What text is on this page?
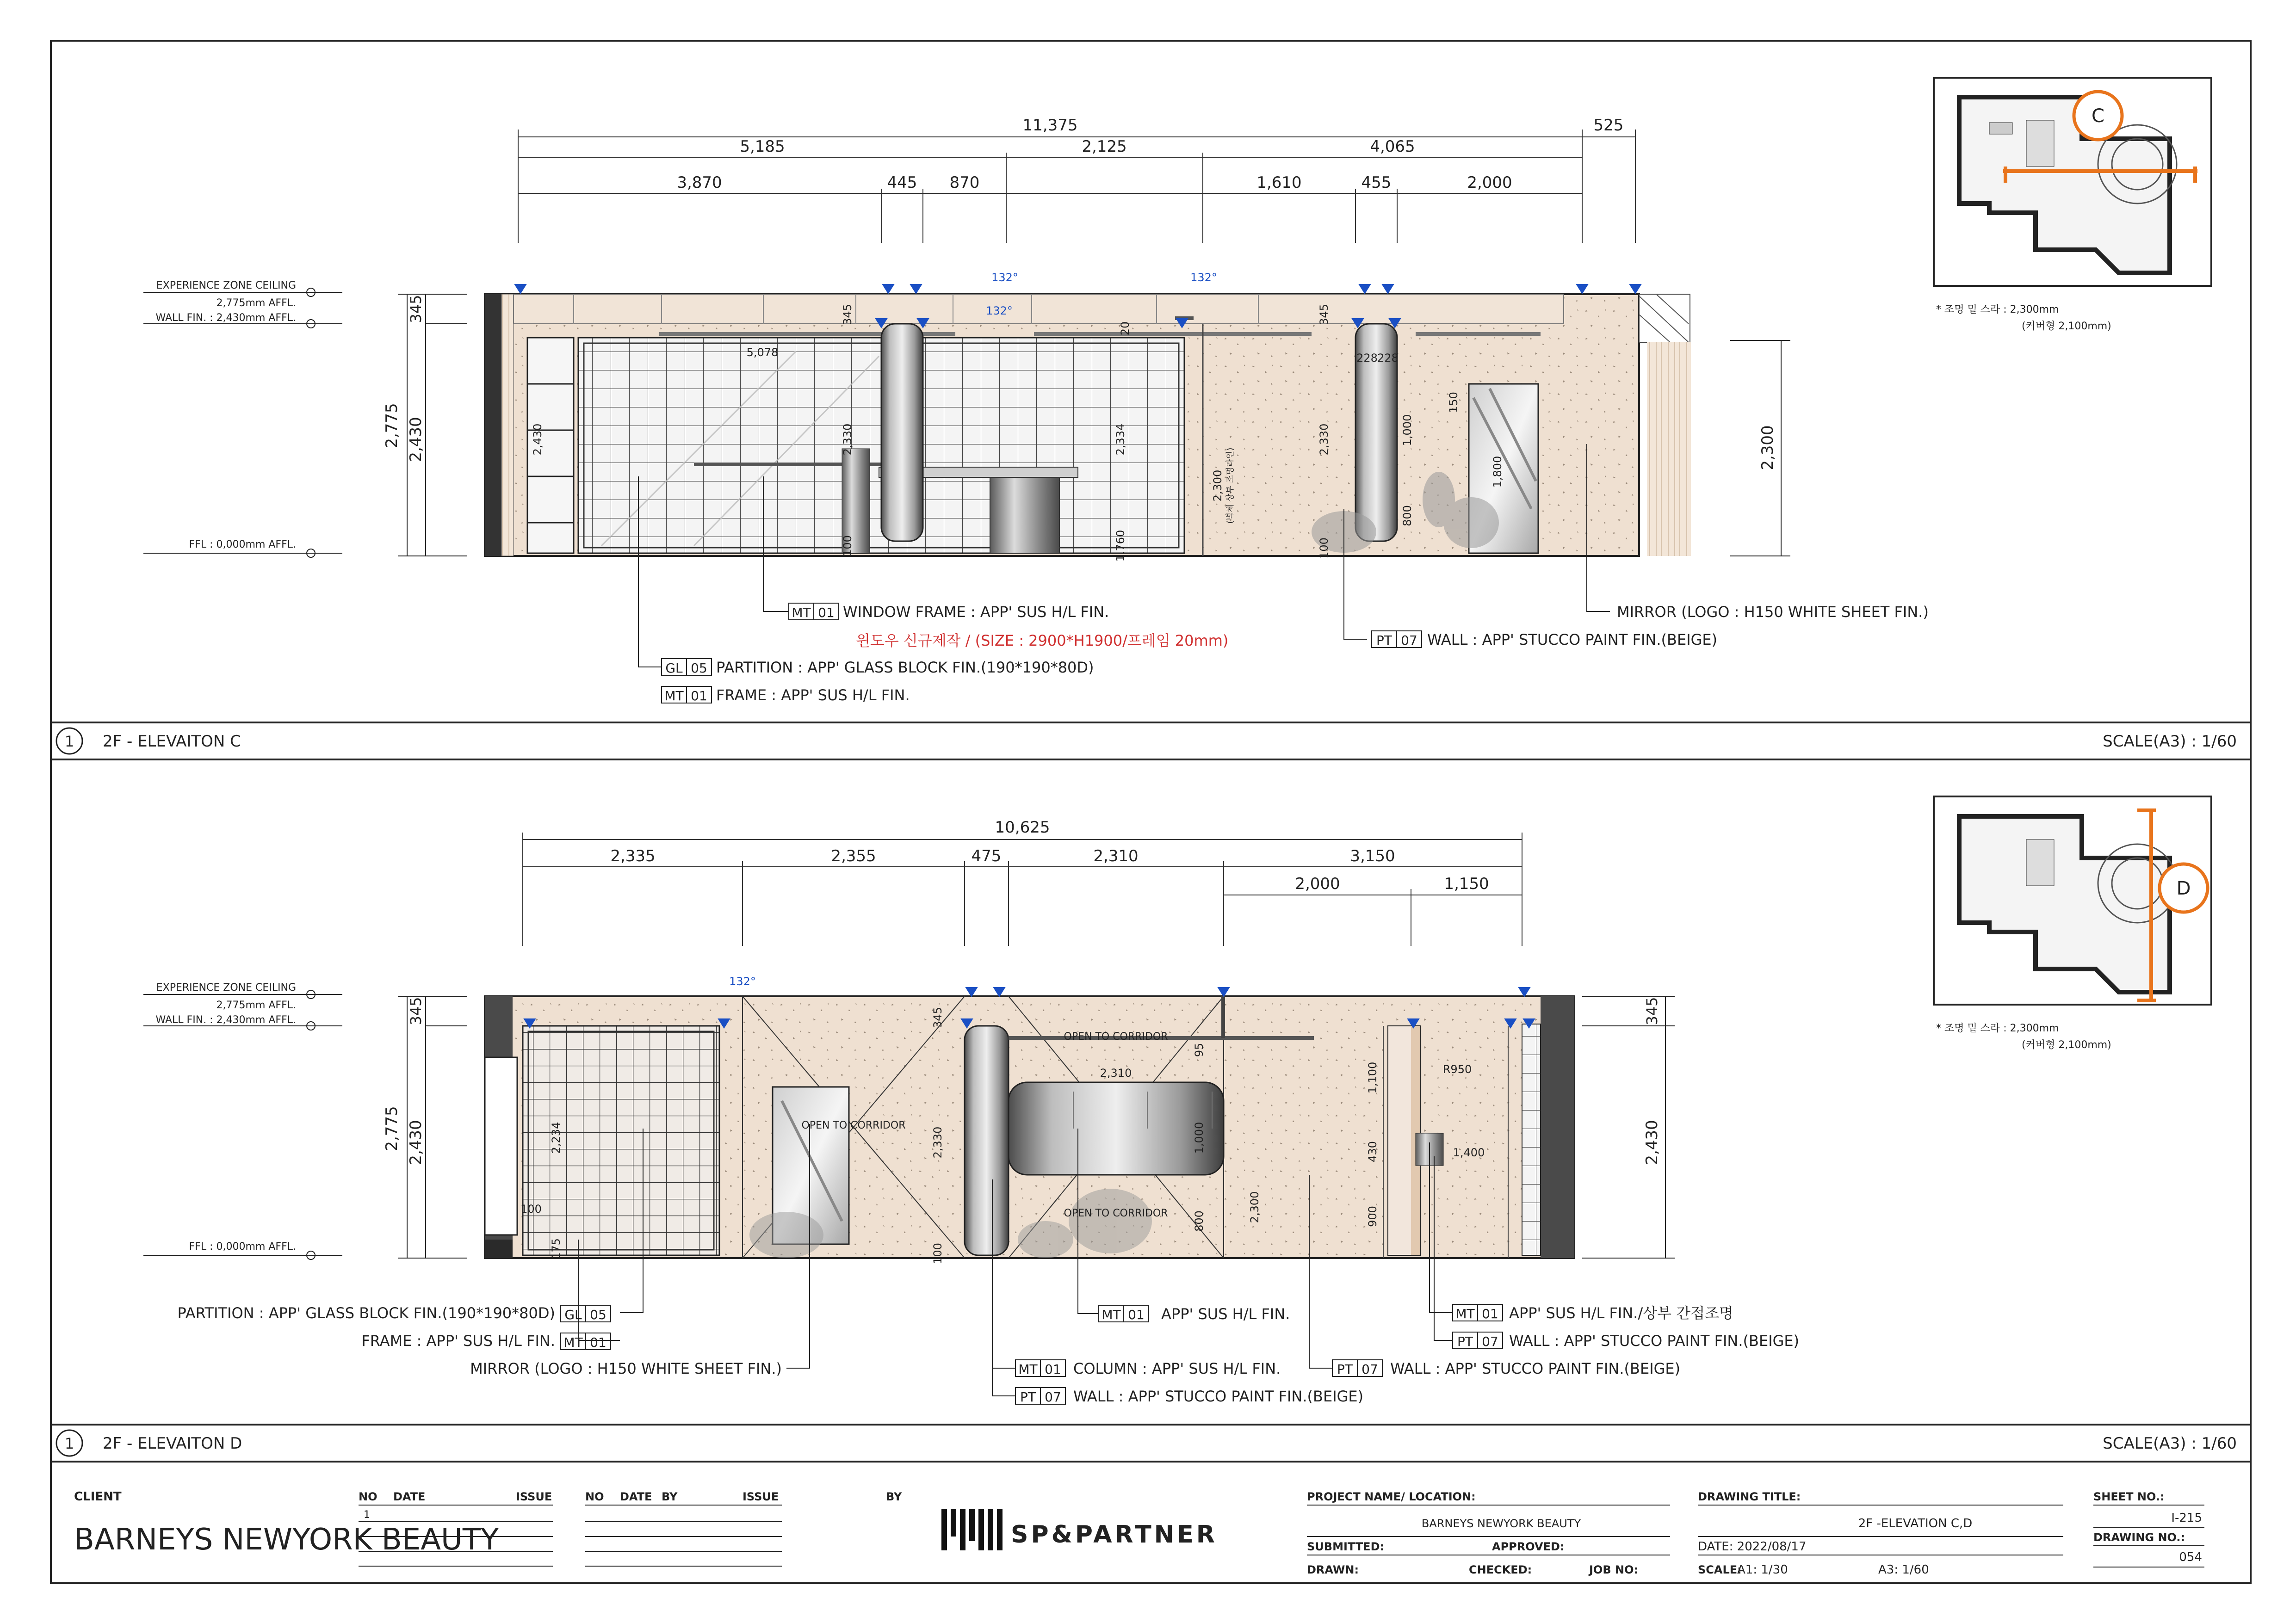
11,375	525
5,185	2,125	4,065
3,870	445 870	1,610	455	2,000
EXPERIENCE ZONE CEILING
2,775mm AFFL.
WALL FIN. : 2,430mm AFFL.
FFL : 0,000mm AFFL.
2,775 2,430
345
2,300
132°	132°
132°
5,078
345
2,330	2,334
2,430
100
20
345
228 228
2,330	1,000
800
150
1,800
100
2,300
1,760
(벽체 상부 조명라인)
MT 01 WINDOW FRAME : APP' SUS H/L FIN.
윈도우 신규제작 / (SIZE : 2900*H1900/프레임 20mm)
GL 05 PARTITION : APP' GLASS BLOCK FIN.(190*190*80D)
MT 01 FRAME : APP' SUS H/L FIN.
PT 07 WALL : APP' STUCCO PAINT FIN.(BEIGE)
MIRROR (LOGO : H150 WHITE SHEET FIN.)
C
* 조명 밑 스라 : 2,300mm
(커버형 2,100mm)
1 2F - ELEVAITON C	SCALE(A3) : 1/60
10,625
2,335	2,355	475	2,310	3,150
2,000	1,150
EXPERIENCE ZONE CEILING
2,775mm AFFL.
WALL FIN. : 2,430mm AFFL.
FFL : 0,000mm AFFL.
2,775 2,430
345	345
2,430
132°
OPEN TO CORRIDOR
OPEN TO CORRIDOR
OPEN TO CORRIDOR
2,234
100
175
345
2,330
100
2,310
1,000
800
95
2,300
1,100	R950
430	1,400
900
PARTITION : APP' GLASS BLOCK FIN.(190*190*80D) GL 05
FRAME : APP' SUS H/L FIN. MT 01
MIRROR (LOGO : H150 WHITE SHEET FIN.)
MT 01 APP' SUS H/L FIN.
MT 01 COLUMN : APP' SUS H/L FIN.
PT 07 WALL : APP' STUCCO PAINT FIN.(BEIGE)
PT 07 WALL : APP' STUCCO PAINT FIN.(BEIGE)
MT 01 APP' SUS H/L FIN./상부 간접조명
PT 07 WALL : APP' STUCCO PAINT FIN.(BEIGE)
D
* 조명 밑 스라 : 2,300mm
(커버형 2,100mm)
1 2F - ELEVAITON D	SCALE(A3) : 1/60
CLIENT
BARNEYS NEWYORK BEAUTY
NO DATE	ISSUE	NO DATE BY	ISSUE	BY
1
SP&PARTNER
PROJECT NAME/ LOCATION:
SUBMITTED:	APPROVED:
DRAWN:	CHECKED:	JOB NO:
DRAWING TITLE:
SCALE:
SHEET NO.:
DRAWING NO.:
BARNEYS NEWYORK BEAUTY	2F -ELEVATION C,D
DATE: 2022/08/17
A1: 1/30	A3: 1/60
I-215
054
